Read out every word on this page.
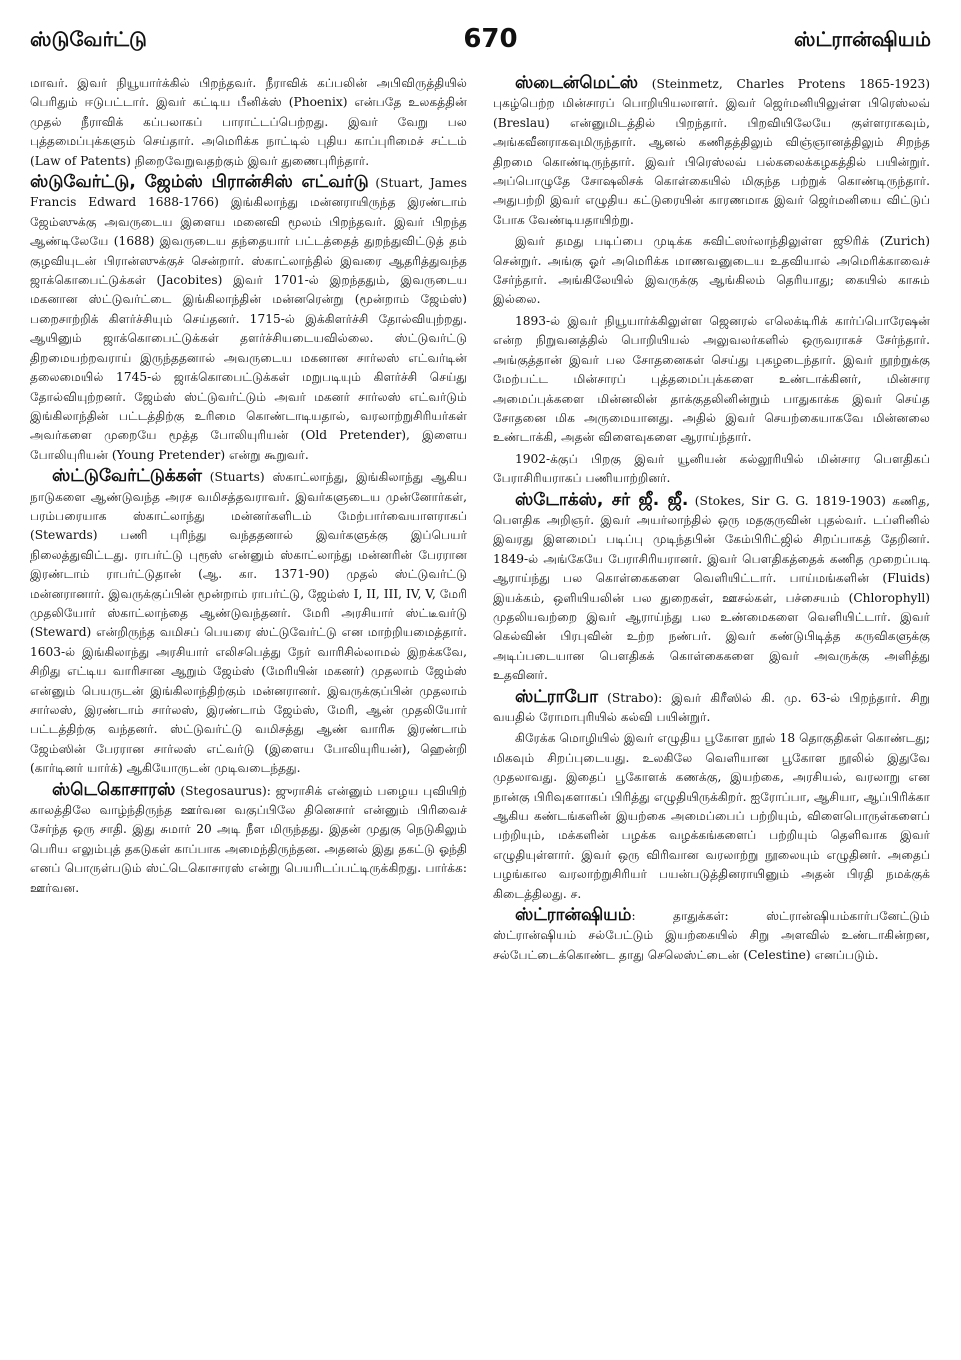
ஸ்டுவேர்ட்டு	670	ஸ்ட்ரான்ஷியம்

மாவர். இவர் நியூயார்க்கில் பிறந்தவர். நீராவிக் கப்பலின் அபிவிருத்தியில் பெரிதும் ஈடுபட்டார். இவர் கட்டிய பீனிக்ஸ் (Phoenix) என்பதே உலகத்தின் முதல் நீராவிக் கப்பலாகப் பாராட்டப்பெற்றது. இவர் வேறு பல புத்தமைப்புக்களும் செய்தார். அமெரிக்க நாட்டில் புதிய காப்புரிமைச் சட்டம் (Law of Patents) நிறைவேறுவதற்கும் இவர் துணைபுரிந்தார்.

ஸ்டுவேர்ட்டு, ஜேம்ஸ் பிரான்சிஸ் எட்வர்டு (Stuart, James Francis Edward 1688-1766) இங்கிலாந்து மன்னராயிருந்த இரண்டாம் ஜேம்ஸுக்கு அவருடைய இளைய மனைவி மூலம் பிறந்தவர். இவர் பிறந்த ஆண்டிலேயே (1688) இவருடைய தந்தையார் பட்டத்தைத் துறந்துவிட்டுத் தம் குழவியுடன் பிரான்ஸுக்குச் சென்றார். ஸ்காட்லாந்தில் இவரை ஆதரித்துவந்த ஜாக்கொபைட்டுக்கள் (Jacobites) இவர் 1701-ல் இறந்ததும், இவருடைய மகனான ஸ்ட்டுவர்ட்டை இங்கிலாந்தின் மன்னரென்று (மூன்றாம் ஜேம்ஸ்) பறைசாற்றிக் கிளர்ச்சியும் செய்தனர். 1715-ல் இக்கிளர்ச்சி தோல்வியுற்றது. ஆயினும் ஜாக்கொபைட்டுக்கள் தளர்ச்சியடையவில்லை. ஸ்ட்டுவர்ட்டு திறமையற்றவராய் இருந்ததனால் அவருடைய மகனான சார்லஸ் எட்வர்டின் தலைமையில் 1745-ல் ஜாக்கொபைட்டுக்கள் மறுபடியும் கிளர்ச்சி செய்து தோல்வியுற்றனர். ஜேம்ஸ் ஸ்ட்டுவர்ட்டும் அவர் மகனர் சார்லஸ் எட்வர்டும் இங்கிலாந்தின் பட்டத்திற்கு உரிமை கொண்டாடியதால், வரலாற்றுசிரியர்கள் அவர்களை முறையே மூத்த போலியுரியன் (Old Pretender), இளைய போலியுரியன் (Young Pretender) என்று கூறுவர்.

ஸ்ட்டுவேர்ட்டுக்கள் (Stuarts) ஸ்காட்லாந்து, இங்கிலாந்து ஆகிய நாடுகளை ஆண்டுவந்த அரச வமிசத்தவராவர். இவர்களுடைய முன்னோர்கள், பரம்பரையாக ஸ்காட்லாந்து மன்னர்களிடம் மேற்பார்வையாளராகப் (Stewards) பணி புரிந்து வந்ததனால் இவர்களுக்கு இப்பெயர் நிலைத்துவிட்டது. ராபர்ட்டு புரூஸ் என்னும் ஸ்காட்லாந்து மன்னரின் பேரரான இரண்டாம் ராபர்ட்டுதான் (ஆ. கா. 1371-90) முதல் ஸ்ட்டுவர்ட்டு மன்னரானார். இவருக்குப்பின் மூன்றாம் ராபர்ட்டு, ஜேம்ஸ் I, II, III, IV, V, மேரி முதலியோர் ஸ்காட்லாந்தை ஆண்டுவந்தனர். மேரி அரசியார் ஸ்ட்டீவர்டு (Steward) என்றிருந்த வமிசப் பெயரை ஸ்ட்டுவேர்ட்டு என மாற்றியமைத்தார். 1603-ல் இங்கிலாந்து அரசியார் எலிசபெத்து நேர் வாரிசில்லாமல் இறக்கவே, சிறிது எட்டிய வாரிசான ஆறும் ஜேம்ஸ் (மேரியின் மகனர்) முதலாம் ஜேம்ஸ் என்னும் பெயருடன் இங்கிலாந்திற்கும் மன்னரானர். இவருக்குப்பின் முதலாம் சார்லஸ், இரண்டாம் சார்லஸ், இரண்டாம் ஜேம்ஸ், மேரி, ஆன் முதலியோர் பட்டத்திற்கு வந்தனர். ஸ்ட்டுவர்ட்டு வமிசத்து ஆண் வாரிசு இரண்டாம் ஜேம்ஸின் பேரரான சார்லஸ் எட்வர்டு (இளைய போலியுரியன்), ஹென்றி (கார்டினர் யார்க்) ஆகியோருடன் முடிவடைந்தது.

ஸ்டெகொசாரஸ் (Stegosaurus): ஜுராசிக் என்னும் பழைய புவியிற் காலத்திலே வாழ்ந்திருந்த ஊர்வன வகுப்பிலே தினெசார் என்னும் பிரிவைச் சேர்ந்த ஒரு சாதி. இது சுமார் 20 அடி நீள மிருந்தது. இதன் முதுகு நெடுகிலும் பெரிய எலும்புத் தகடுகள் காப்பாக அமைந்திருந்தன. அதனல் இது தகட்டு ஓந்தி எனப் பொருள்படும் ஸ்ட்டெகொசாரஸ் என்று பெயரிடப்பட்டிருக்கிறது. பார்க்க: ஊர்வன.

ஸ்டைன்மெட்ஸ் (Steinmetz, Charles Protens 1865-1923) புகழ்பெற்ற மின்சாரப் பொறியியலாளர். இவர் ஜெர்மனியிலுள்ள பிரெஸ்லவ் (Breslau) என்னுமிடத்தில் பிறந்தார். பிறவியிலேயே குள்ளராகவும், அங்கவீனராகவுமிருந்தார். ஆனல் கணிதத்திலும் விஞ்ஞானத்திலும் சிறந்த திறமை கொண்டிருந்தார். இவர் பிரெஸ்லவ் பல்கலைக்கழகத்தில் பயின்றுர். அப்பொழுதே சோஷலிசக் கொள்கையில் மிகுந்த பற்றுக் கொண்டிருந்தார். அதுபற்றி இவர் எழுதிய கட்டுரையின் காரணமாக இவர் ஜெர்மனியை விட்டுப் போக வேண்டியதாயிற்று.

இவர் தமது படிப்பை முடிக்க சுவிட்ஸர்லாந்திலுள்ள ஜூரிக் (Zurich) சென்றுர். அங்கு ஓர் அமெரிக்க மாணவனுடைய உதவியால் அமெரிக்காவைச் சேர்ந்தார். அங்கிலேயில் இவருக்கு ஆங்கிலம் தெரியாது; கையில் காசும் இல்லை.

1893-ல் இவர் நியூயார்க்கிலுள்ள ஜெனரல் எலெக்டிரிக் கார்ப்பொரேஷன் என்ற நிறுவனத்தில் பொறியியல் அலுவலர்களில் ஒருவராகச் சேர்ந்தார். அங்குத்தான் இவர் பல சோதனைகள் செய்து புகழடைந்தார். இவர் நூற்றுக்கு மேற்பட்ட மின்சாரப் புத்தமைப்புக்களை உண்டாக்கினர், மின்சார அமைப்புக்களை மின்னலின் தாக்குதலினின்றும் பாதுகாக்க இவர் செய்த சோதனை மிக அருமையானது. அதில் இவர் செயற்கையாகவே மின்னலை உண்டாக்கி, அதன் விளைவுகளை ஆராய்ந்தார்.

1902-க்குப் பிறகு இவர் யூனியன் கல்லூரியில் மின்சார பௌதிகப் பேராசிரியராகப் பணியாற்றினர்.

ஸ்டோக்ஸ், சர் ஜீ. ஜீ. (Stokes, Sir G. G. 1819-1903) கணித, பௌதிக அறிஞர். இவர் அயர்லாந்தில் ஒரு மதகுருவின் புதல்வர். டப்ளினில் இவரது இளமைப் படிப்பு முடிந்தபின் கேம்பிரிட்ஜில் சிறப்பாகத் தேறினர். 1849-ல் அங்கேயே பேராசிரியரானர். இவர் பௌதிகத்தைக் கணித முறைப்படி ஆராய்ந்து பல கொள்கைகளை வெளியிட்டார். பாய்மங்களின் (Fluids) இயக்கம், ஒளியியலின் பல துறைகள், ஊசல்கள், பச்சையம் (Chlorophyll) முதலியவற்றை இவர் ஆராய்ந்து பல உண்மைகளை வெளியிட்டார். இவர் கெல்வின் பிரபுவின் உற்ற நண்பர். இவர் கண்டுபிடித்த கருவிகளுக்கு அடிப்படையான பௌதிகக் கொள்கைகளை இவர் அவருக்கு அளித்து உதவினர்.

ஸ்ட்ராபோ (Strabo): இவர் கிரீஸில் கி. மு. 63-ல் பிறந்தார். சிறு வயதில் ரோமாபுரியில் கல்வி பயின்றுர்.

கிரேக்க மொழியில் இவர் எழுதிய பூகோள நூல் 18 தொகுதிகள் கொண்டது; மிகவும் சிறப்புடையது. உலகிலே வெளியான பூகோள நூலில் இதுவே முதலாவது. இதைப் பூகோளக் கணக்கு, இயற்கை, அரசியல், வரலாறு என நான்கு பிரிவுகளாகப் பிரித்து எழுதியிருக்கிறர். ஐரோப்பா, ஆசியா, ஆப்பிரிக்கா ஆகிய கண்டங்களின் இயற்கை அமைப்பைப் பற்றியும், விளைபொருள்களைப் பற்றியும், மக்களின் பழக்க வழக்கங்களைப் பற்றியும் தெளிவாக இவர் எழுதியுள்ளார். இவர் ஒரு விரிவான வரலாற்று நூலையும் எழுதினர். அதைப் பழங்கால வரலாற்றுசிரியர் பயன்படுத்தினராயினும் அதன் பிரதி நமக்குக் கிடைத்திலது. ச.

ஸ்ட்ரான்ஷியம்: தாதுக்கள்: ஸ்ட்ரான்ஷியம்கார்பனேட்டும் ஸ்ட்ரான்ஷியம் சல்பேட்டும் இயற்கையில் சிறு அளவில் உண்டாகின்றன, சல்பேட்டைக்கொண்ட தாது செலெஸ்ட்டைன் (Celestine) எனப்படும்.
